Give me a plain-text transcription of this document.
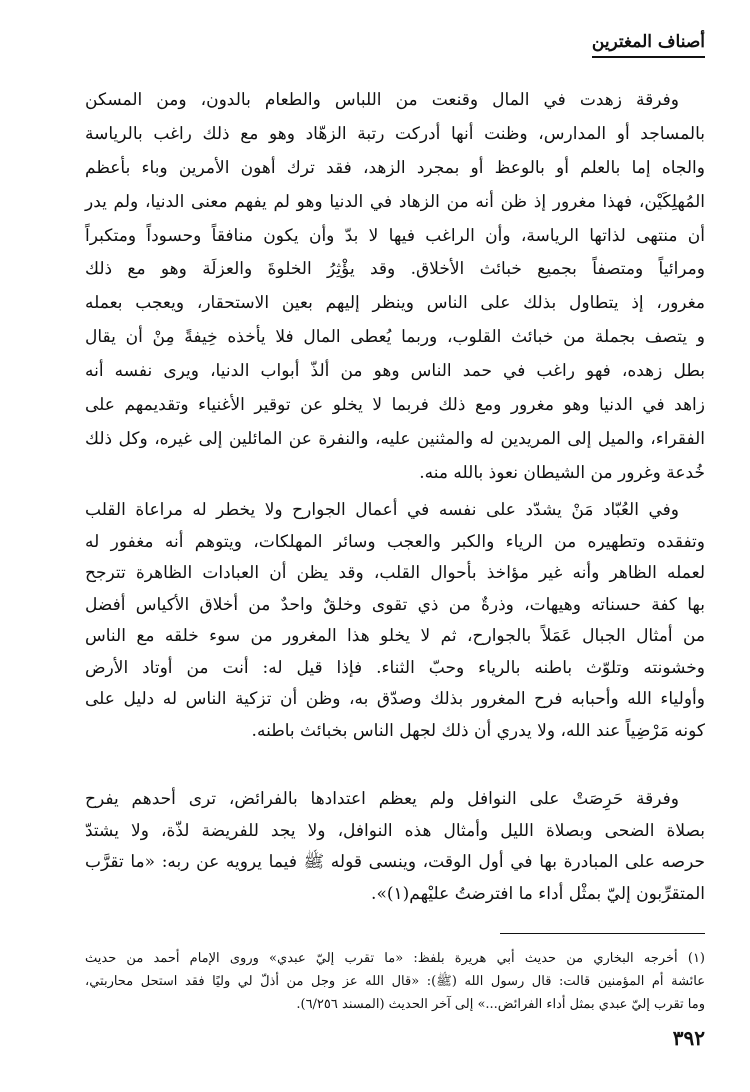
أصناف المغترين
وفرقة زهدت في المال وقنعت من اللباس والطعام بالدون، ومن المسكن
بالمساجد أو المدارس، وظنت أنها أدركت رتبة الزهّاد وهو مع ذلك راغب بالرياسة
والجاه إما بالعلم أو بالوعظ أو بمجرد الزهد، فقد ترك أهون الأمرين وباء بأعظم
المُهلِكَيْن، فهذا مغرور إذ ظن أنه من الزهاد في الدنيا وهو لم يفهم معنى الدنيا، ولم يدر
أن منتهى لذاتها الرياسة، وأن الراغب فيها لا بدّ وأن يكون منافقاً وحسوداً ومتكبراً
ومرائياً ومتصفاً بجميع خبائث الأخلاق. وقد يؤْثِرُ الخلوةَ والعزلَة وهو مع ذلك
مغرور، إذ يتطاول بذلك على الناس وينظر إليهم بعين الاستحقار، ويعجب بعمله
و يتصف بجملة من خبائث القلوب، وربما يُعطى المال فلا يأخذه خِيفةً مِنْ أن يقال
بطل زهده، فهو راغب في حمد الناس وهو من ألذّ أبواب الدنيا، ويرى نفسه أنه
زاهد في الدنيا وهو مغرور ومع ذلك فربما لا يخلو عن توقير الأغنياء وتقديمهم على
الفقراء، والميل إلى المريدين له والمثنين عليه، والنفرة عن المائلين إلى غيره، وكل ذلك
خُدعة وغرور من الشيطان نعوذ بالله منه.
وفي العُبّاد مَنْ يشدّد على نفسه في أعمال الجوارح ولا يخطر له مراعاة القلب
وتفقده وتطهيره من الرياء والكبر والعجب وسائر المهلكات، ويتوهم أنه مغفور له
لعمله الظاهر وأنه غير مؤاخذ بأحوال القلب، وقد يظن أن العبادات الظاهرة تترجح
بها كفة حسناته وهيهات، وذرةٌ من ذي تقوى وخلقٌ واحدٌ من أخلاق الأكياس أفضل
من أمثال الجبال عَمَلاً بالجوارح، ثم لا يخلو هذا المغرور من سوء خلقه مع الناس
وخشونته وتلوّث باطنه بالرياء وحبّ الثناء. فإذا قيل له: أنت من أوتاد الأرض
وأولياء الله وأحبابه فرح المغرور بذلك وصدّق به، وظن أن تزكية الناس له دليل على
كونه مَرْضِياً عند الله، ولا يدري أن ذلك لجهل الناس بخبائث باطنه.
وفرقة حَرِصَتْ على النوافل ولم يعظم اعتدادها بالفرائض، ترى أحدهم يفرح
بصلاة الضحى وبصلاة الليل وأمثال هذه النوافل، ولا يجد للفريضة لذّة، ولا يشتدّ
حرصه على المبادرة بها في أول الوقت، وينسى قوله ﷺ فيما يرويه عن ربه: «ما تقرَّب
المتقرِّبون إليّ بمثْل أداء ما افترضتُ عليْهم(١)».
(١) أخرجه البخاري من حديث أبي هريرة بلفظ: «ما تقرب إليّ عبدي» وروى الإمام أحمد من حديث
عائشة أم المؤمنين قالت: قال رسول الله (ﷺ): «قال الله عز وجل من أذلّ لي وليًا فقد استحل محاربتي،
وما تقرب إليّ عبدي بمثل أداء الفرائض...» إلى آخر الحديث (المسند ٦/٢٥٦).
٣٩٢
